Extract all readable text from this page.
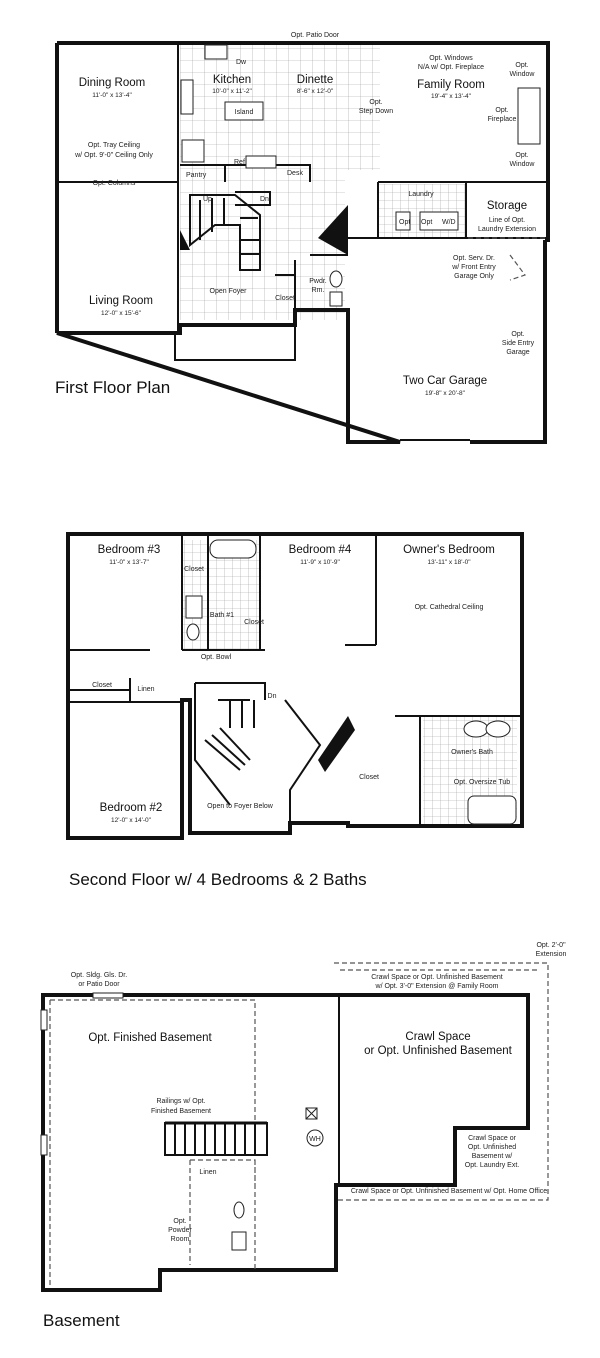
Opt. Patio Door
Dining Room
11'-0" x 13'-4"
Opt. Tray Ceiling
w/ Opt. 9'-0" Ceiling Only
Kitchen
10'-0" x 11'-2"
Dw
Island
Ref
Pantry	Desk
Dinette
8'-6" x 12'-0"
Opt.
Step Down
Opt. Windows
N/A w/ Opt. Fireplace
Family Room
19'-4" x 13'-4"
Opt.
Window
Opt.
Fireplace
Opt.
Window
Opt. Columns
Up	Dn
Laundry
Opt Opt W/D
Storage
Line of Opt.
Laundry Extension
Opt. Serv. Dr.
w/ Front Entry
Garage Only
Pwdr.
Rm.
Closet
Open Foyer
Living Room
12'-0" x 15'-6"
Opt.
Side Entry
Garage
Two Car Garage
19'-8" x 20'-8"
First Floor Plan
Bedroom #3
11'-0" x 13'-7"
Closet
Bedroom #4
11'-9" x 10'-9"
Owner's Bedroom
13'-11" x 18'-0"
Opt. Cathedral Ceiling
Bath #1
Closet
Opt. Bowl
Closet
Linen
Dn
Owner's Bath
Closet
Opt. Oversize Tub
Bedroom #2
12'-0" x 14'-0"
Open to Foyer Below
Second Floor w/ 4 Bedrooms & 2 Baths
Opt. 2'-0"
Extension
Opt. Sldg. Gls. Dr.
or Patio Door
Crawl Space or Opt. Unfinished Basement
w/ Opt. 3'-0" Extension @ Family Room
Opt. Finished Basement	Crawl Space
or Opt. Unfinished Basement
Railings w/ Opt.
Finished Basement
WH	Crawl Space or
Opt. Unfinished
Basement w/
Opt. Laundry Ext.
Linen
Opt.
Powder
Room
Crawl Space or Opt. Unfinished Basement w/ Opt. Home Office
Basement
